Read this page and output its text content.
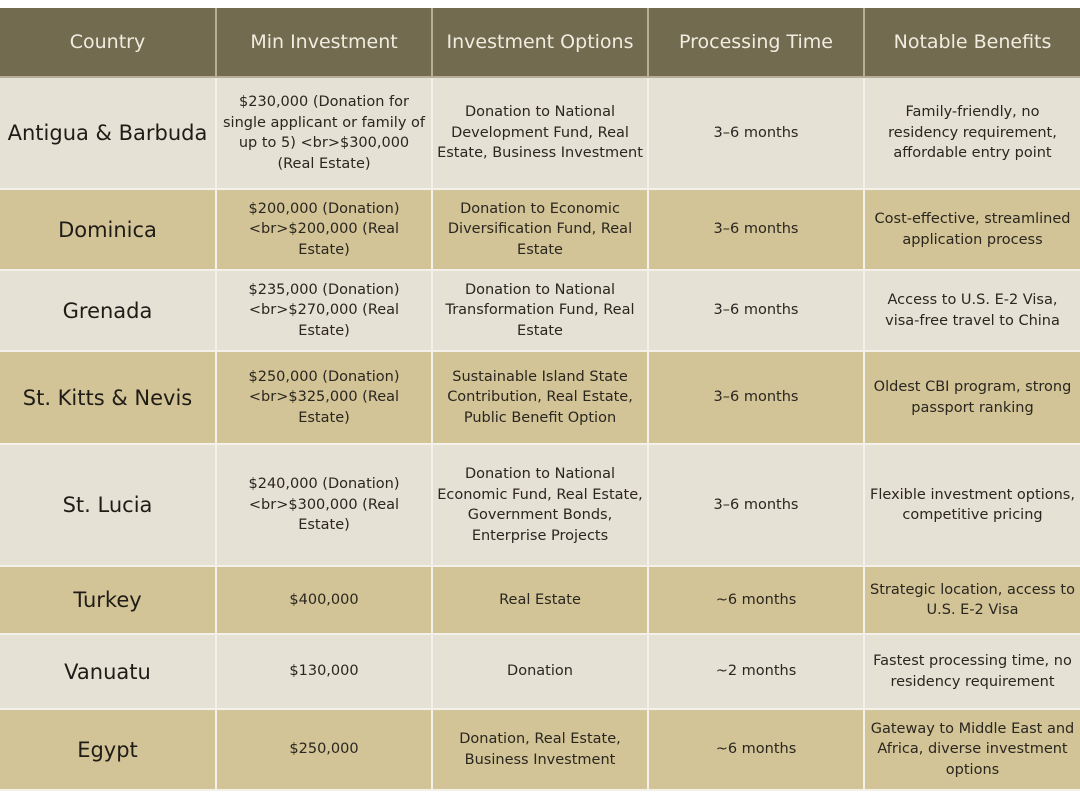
Country	Min Investment	Investment Options	Processing Time	Notable Benefits
Antigua & Barbuda	$230,000 (Donation for single applicant or family of up to 5) <br>$300,000 (Real Estate)	Donation to National Development Fund, Real Estate, Business Investment	3–6 months	Family-friendly, no residency requirement, affordable entry point
Dominica	$200,000 (Donation) <br>$200,000 (Real Estate)	Donation to Economic Diversification Fund, Real Estate	3–6 months	Cost-effective, streamlined application process
Grenada	$235,000 (Donation) <br>$270,000 (Real Estate)	Donation to National Transformation Fund, Real Estate	3–6 months	Access to U.S. E-2 Visa, visa-free travel to China
St. Kitts & Nevis	$250,000 (Donation) <br>$325,000 (Real Estate)	Sustainable Island State Contribution, Real Estate, Public Benefit Option	3–6 months	Oldest CBI program, strong passport ranking
St. Lucia	$240,000 (Donation) <br>$300,000 (Real Estate)	Donation to National Economic Fund, Real Estate, Government Bonds, Enterprise Projects	3–6 months	Flexible investment options, competitive pricing
Turkey	$400,000	Real Estate	~6 months	Strategic location, access to U.S. E-2 Visa
Vanuatu	$130,000	Donation	~2 months	Fastest processing time, no residency requirement
Egypt	$250,000	Donation, Real Estate, Business Investment	~6 months	Gateway to Middle East and Africa, diverse investment options
